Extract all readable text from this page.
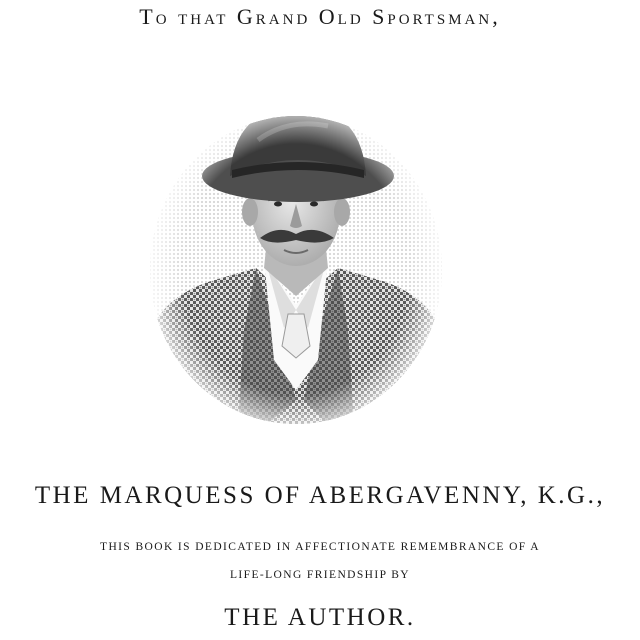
To that Grand Old Sportsman,
THE MARQUESS OF ABERGAVENNY, K.G.,
THIS BOOK IS DEDICATED IN AFFECTIONATE REMEMBRANCE OF A
LIFE-LONG FRIENDSHIP BY
THE AUTHOR.
